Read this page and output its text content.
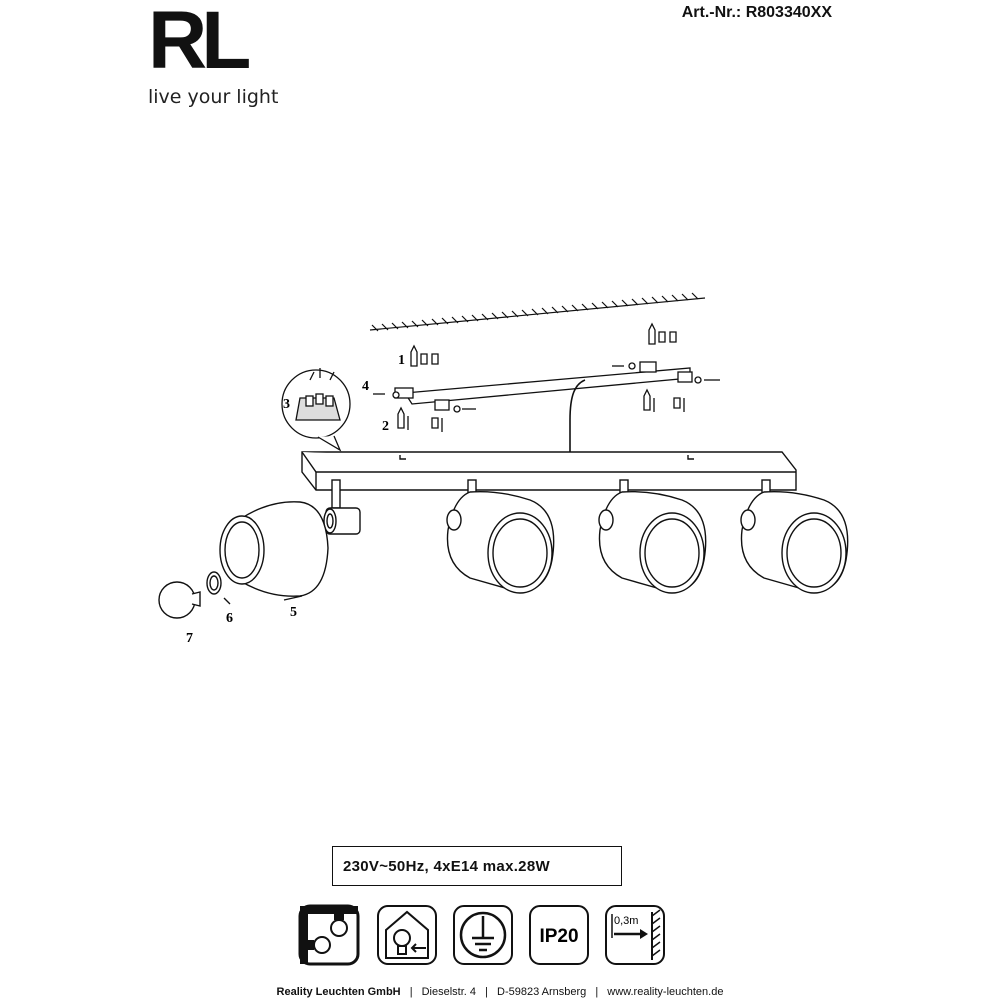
RL
live your light
Art.-Nr.: R803340XX
1
2
3
4
5
6
7
230V~50Hz, 4xE14 max.28W
IP20
0,3m
Reality Leuchten GmbH | Dieselstr. 4 | D-59823 Arnsberg | www.reality-leuchten.de
